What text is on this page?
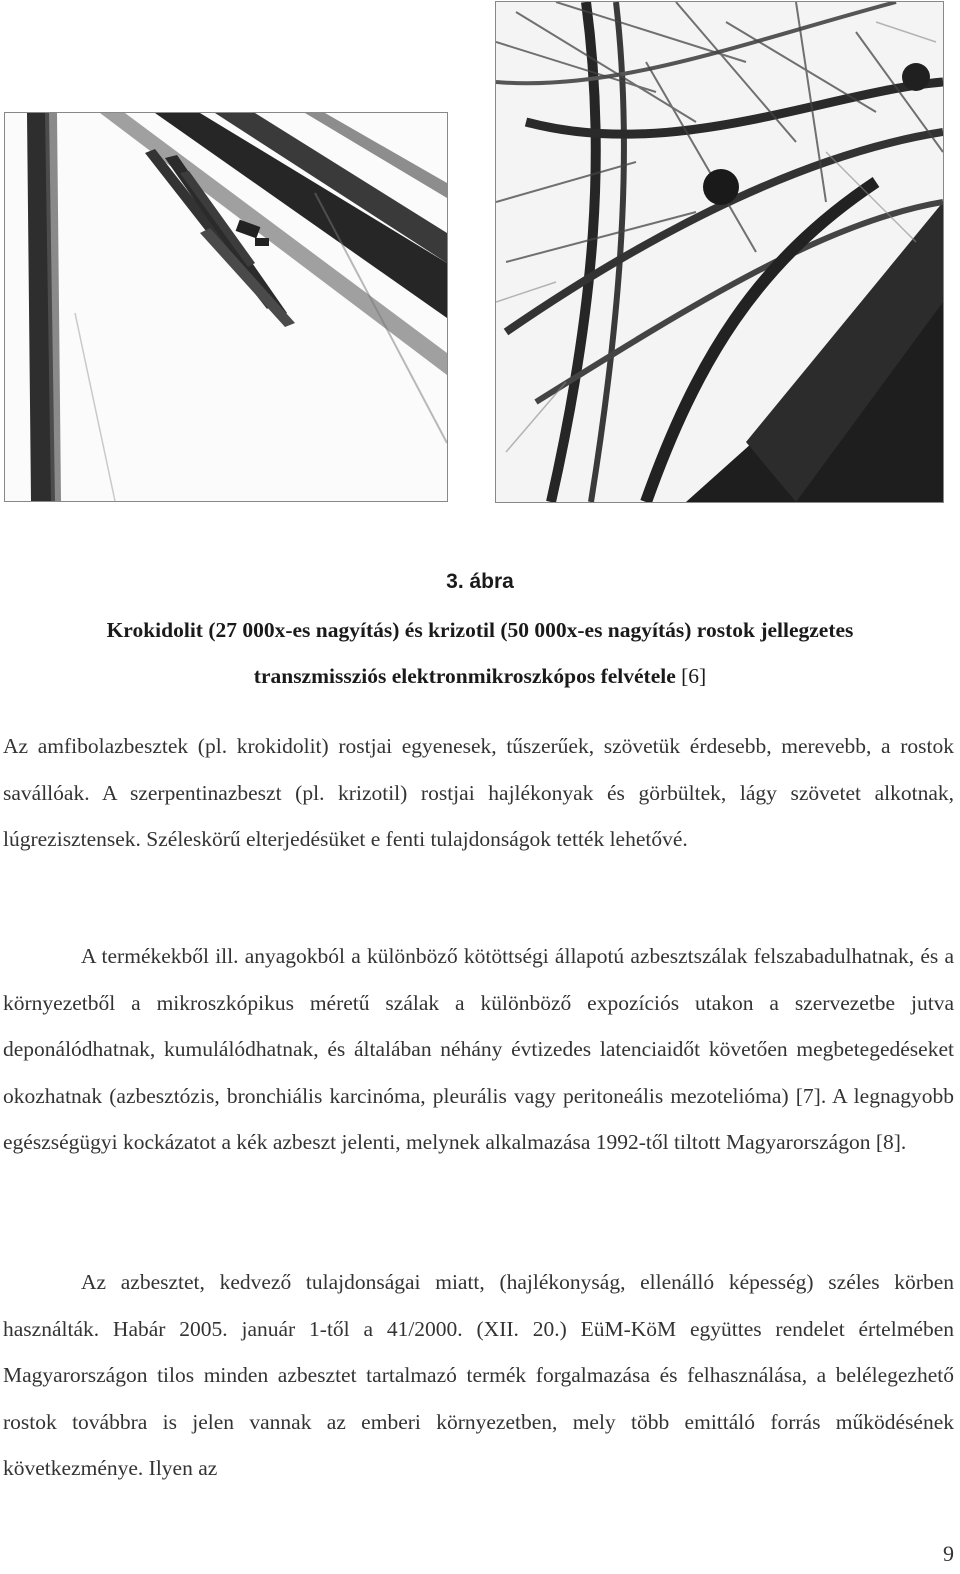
3. ábra
Krokidolit (27 000x-es nagyítás) és krizotil (50 000x-es nagyítás) rostok jellegzetes
transzmissziós elektronmikroszkópos felvétele [6]
Az amfibolazbesztek (pl. krokidolit) rostjai egyenesek, tűszerűek, szövetük érdesebb, merevebb, a rostok savállóak. A szerpentinazbeszt (pl. krizotil) rostjai hajlékonyak és görbültek, lágy szövetet alkotnak, lúgrezisztensek. Széleskörű elterjedésüket e fenti tulajdonságok tették lehetővé.
A termékekből ill. anyagokból a különböző kötöttségi állapotú azbesztszálak felszabadulhatnak, és a környezetből a mikroszkópikus méretű szálak a különböző expozíciós utakon a szervezetbe jutva deponálódhatnak, kumulálódhatnak, és általában néhány évtizedes latenciaidőt követően megbetegedéseket okozhatnak (azbesztózis, bronchiális karcinóma, pleurális vagy peritoneális mezotelióma) [7]. A legnagyobb egészségügyi kockázatot a kék azbeszt jelenti, melynek alkalmazása 1992-től tiltott Magyarországon [8].
Az azbesztet, kedvező tulajdonságai miatt, (hajlékonyság, ellenálló képesség) széles körben használták. Habár 2005. január 1-től a 41/2000. (XII. 20.) EüM-KöM együttes rendelet értelmében Magyarországon tilos minden azbesztet tartalmazó termék forgalmazása és felhasználása, a belélegezhető rostok továbbra is jelen vannak az emberi környezetben, mely több emittáló forrás működésének következménye. Ilyen az
9
